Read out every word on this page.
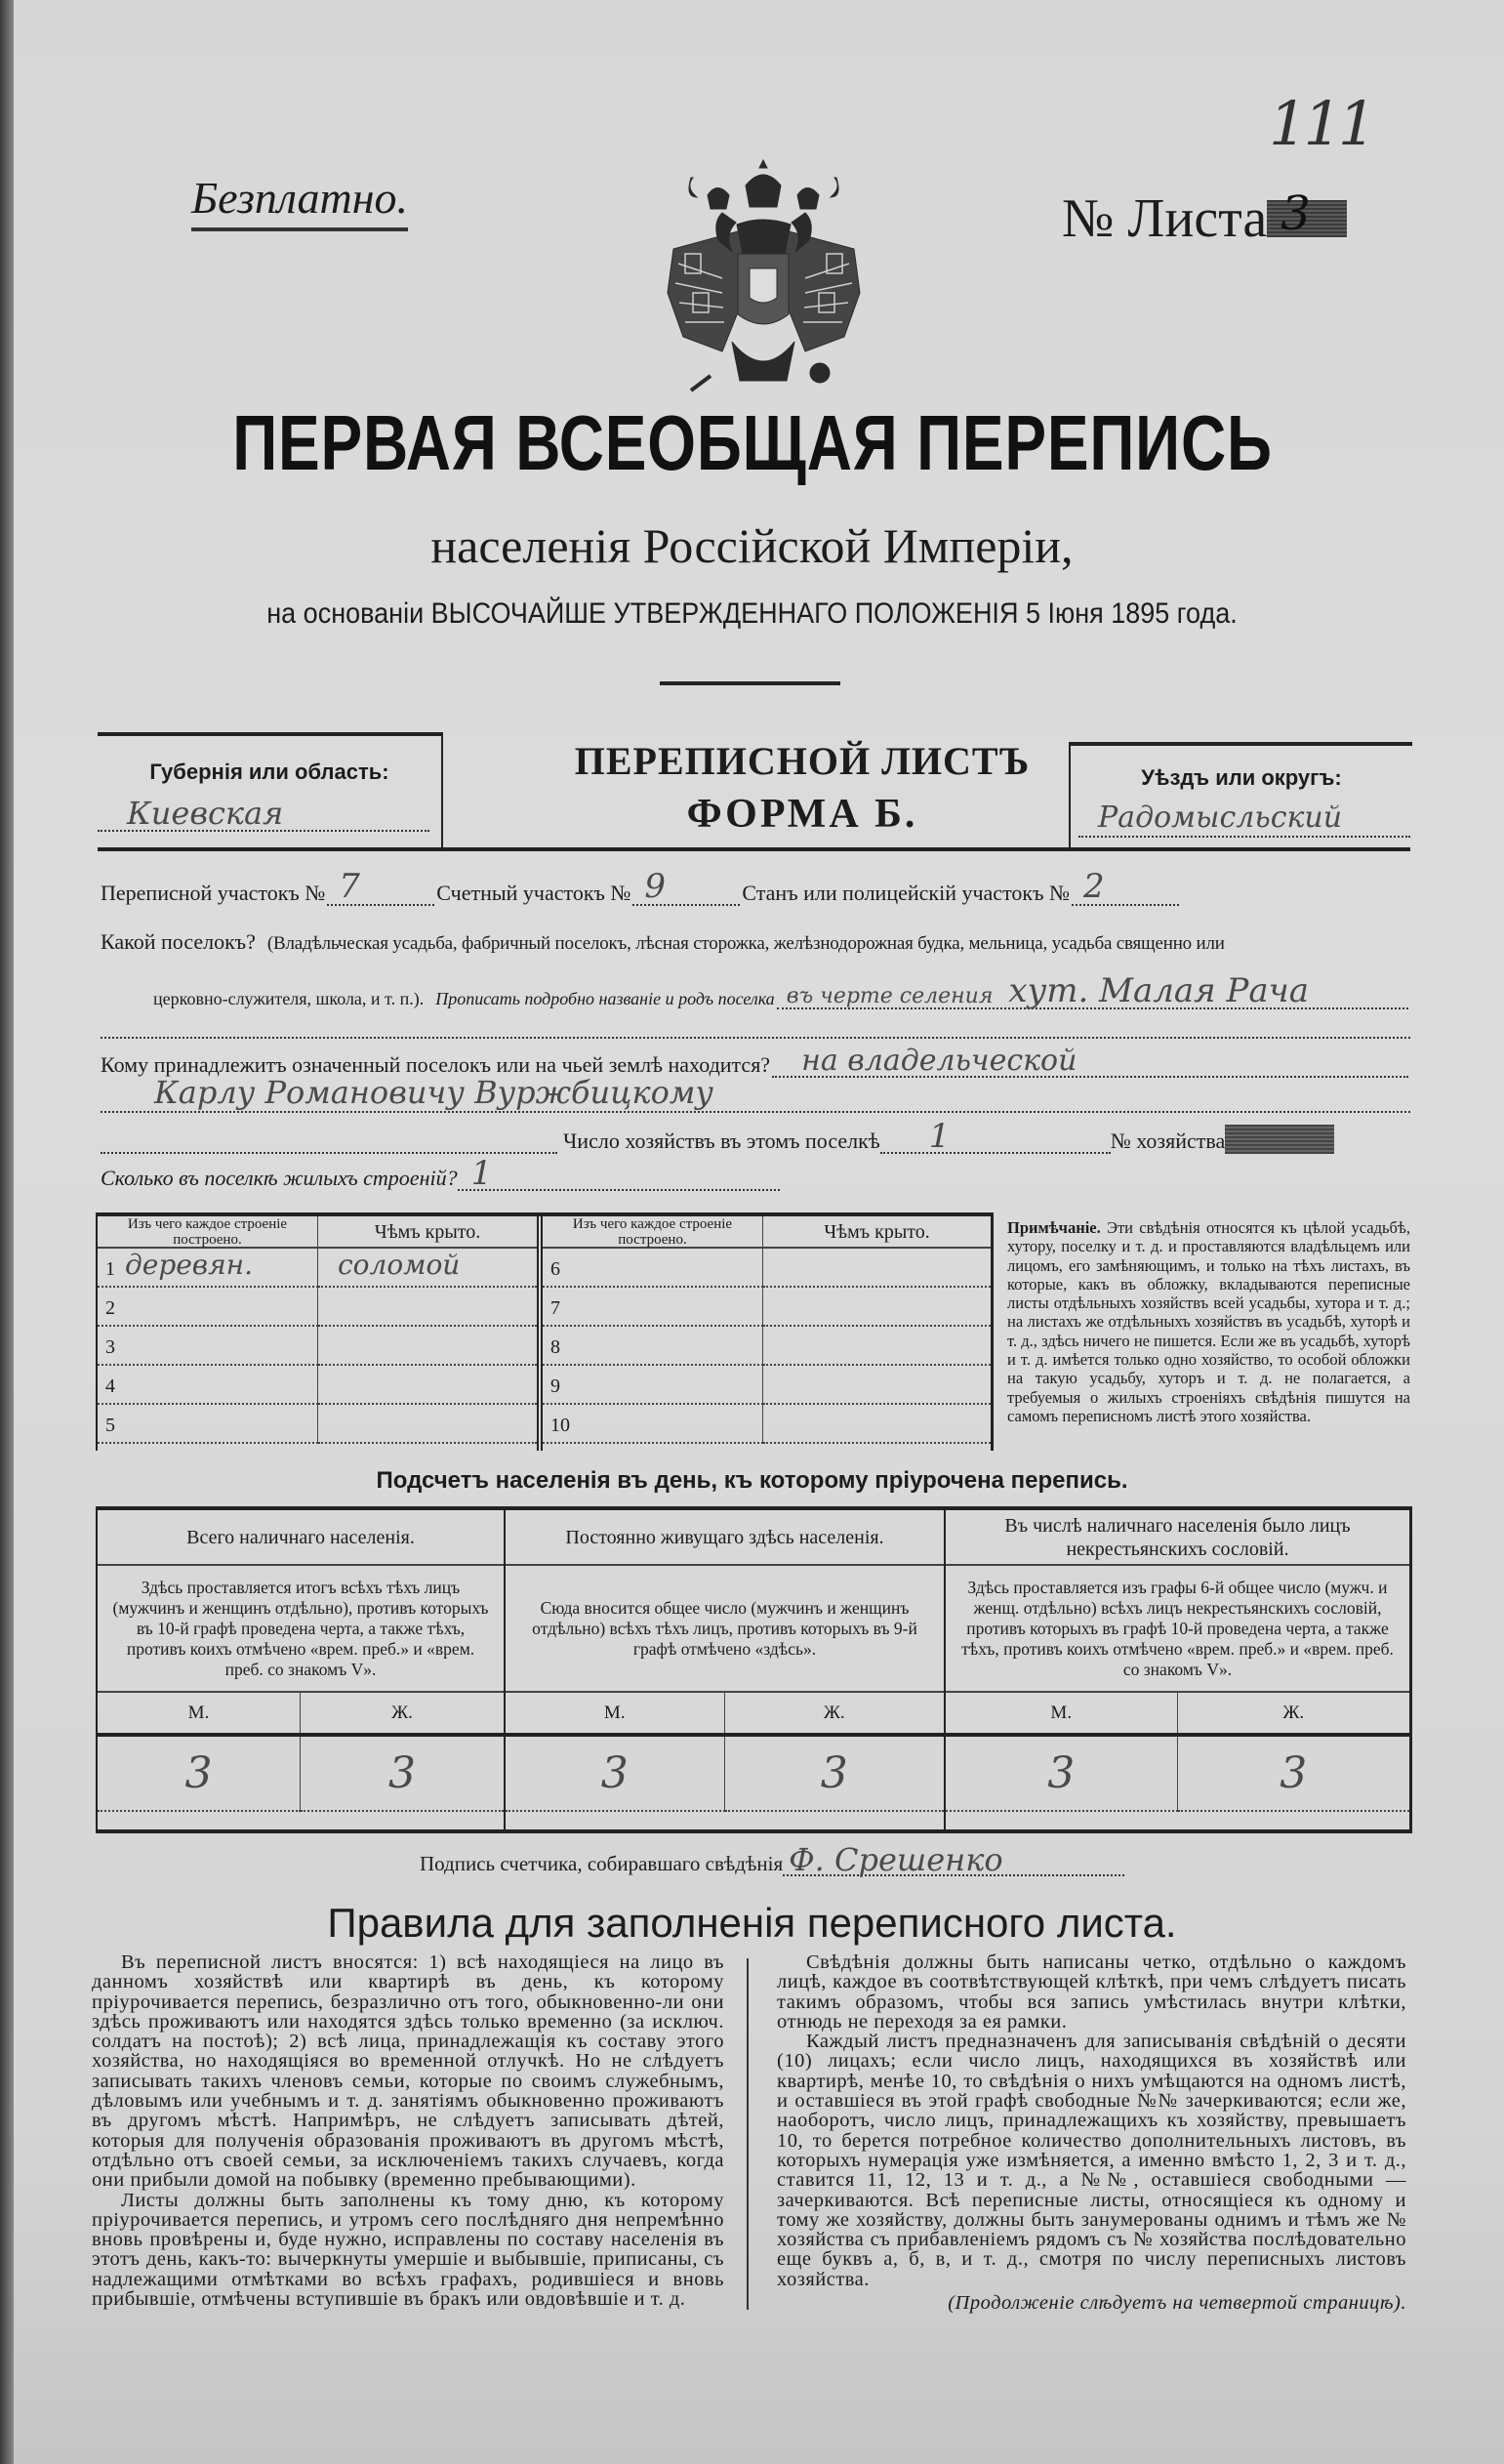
Безплатно.	№ Листа 3
111
ПЕРВАЯ ВСЕОБЩАЯ ПЕРЕПИСЬ
населенія Россійской Имперіи,
на основаніи ВЫСОЧАЙШЕ УТВЕРЖДЕННАГО ПОЛОЖЕНІЯ 5 Іюня 1895 года.
Губернія или область:
Киевская
ПЕРЕПИСНОЙ ЛИСТЪ
ФОРМА Б.
Уѣздъ или округъ:
Радомысльский
Переписной участокъ № 7	Счетный участокъ № 9	Станъ или полицейскій участокъ № 2
Какой поселокъ? (Владѣльческая усадьба, фабричный поселокъ, лѣсная сторожка, желѣзнодорожная будка, мельница, усадьба священно или
церковно-служителя, школа, и т. п.). Прописать подробно названіе и родъ поселка въ черте селения хут. Малая Рача
Кому принадлежитъ означенный поселокъ или на чьей землѣ находится? на владельческой
Карлу Романовичу Вуржбицкому
Число хозяйствъ въ этомъ поселкѣ 1	№ хозяйства
Сколько въ поселкѣ жилыхъ строеній? 1
Изъ чего каждое строеніе построено.	Чѣмъ крыто.
1 деревян.	соломой
2
3
4
5
Изъ чего каждое строеніе построено.	Чѣмъ крыто.
6
7
8
9
10
Примѣчаніе. Эти свѣдѣнія относятся къ цѣлой усадьбѣ, хутору, поселку и т. д. и проставляются владѣльцемъ или лицомъ, его замѣняющимъ, и только на тѣхъ листахъ, въ которые, какъ въ обложку, вкладываются переписные листы отдѣльныхъ хозяйствъ всей усадьбы, хутора и т. д.; на листахъ же отдѣльныхъ хозяйствъ въ усадьбѣ, хуторѣ и т. д., здѣсь ничего не пишется. Если же въ усадьбѣ, хуторѣ и т. д. имѣется только одно хозяйство, то особой обложки на такую усадьбу, хуторъ и т. д. не полагается, а требуемыя о жилыхъ строеніяхъ свѣдѣнія пишутся на самомъ переписномъ листѣ этого хозяйства.
Подсчетъ населенія въ день, къ которому пріурочена перепись.
Всего наличнаго населенія.
Здѣсь проставляется итогъ всѣхъ тѣхъ лицъ (мужчинъ и женщинъ отдѣльно), противъ которыхъ въ 10-й графѣ проведена черта, а также тѣхъ, противъ коихъ отмѣчено «врем. преб.» и «врем. преб. со знакомъ V».
М.	Ж.
3	3
Постоянно живущаго здѣсь населенія.
Сюда вносится общее число (мужчинъ и женщинъ отдѣльно) всѣхъ тѣхъ лицъ, противъ которыхъ въ 9-й графѣ отмѣчено «здѣсь».
М.	Ж.
3	3
Въ числѣ наличнаго населенія было лицъ некрестьянскихъ сословій.
Здѣсь проставляется изъ графы 6-й общее число (мужч. и женщ. отдѣльно) всѣхъ лицъ некрестьянскихъ сословій, противъ которыхъ въ графѣ 10-й проведена черта, а также тѣхъ, противъ коихъ отмѣчено «врем. преб.» и «врем. преб. со знакомъ V».
М.	Ж.
3	3
Подпись счетчика, собиравшаго свѣдѣнія Ф. Срешенко
Правила для заполненія переписного листа.

Въ переписной листъ вносятся: 1) всѣ находящіеся на лицо въ данномъ хозяйствѣ или квартирѣ въ день, къ которому пріурочивается перепись, безразлично отъ того, обыкновенно-ли они здѣсь проживаютъ или находятся здѣсь только временно (за исключ. солдатъ на постоѣ); 2) всѣ лица, принадлежащія къ составу этого хозяйства, но находящіяся во временной отлучкѣ. Но не слѣдуетъ записывать такихъ членовъ семьи, которые по своимъ служебнымъ, дѣловымъ или учебнымъ и т. д. занятіямъ обыкновенно проживаютъ въ другомъ мѣстѣ. Напримѣръ, не слѣдуетъ записывать дѣтей, которыя для полученія образованія проживаютъ въ другомъ мѣстѣ, отдѣльно отъ своей семьи, за исключеніемъ такихъ случаевъ, когда они прибыли домой на побывку (временно пребывающими).

Листы должны быть заполнены къ тому дню, къ которому пріурочивается перепись, и утромъ сего послѣдняго дня непремѣнно вновь провѣрены и, буде нужно, исправлены по составу населенія въ этотъ день, какъ-то: вычеркнуты умершіе и выбывшіе, приписаны, съ надлежащими отмѣтками во всѣхъ графахъ, родившіеся и вновь прибывшіе, отмѣчены вступившіе въ бракъ или овдовѣвшіе и т. д.

Свѣдѣнія должны быть написаны четко, отдѣльно о каждомъ лицѣ, каждое въ соотвѣтствующей клѣткѣ, при чемъ слѣдуетъ писать такимъ образомъ, чтобы вся запись умѣстилась внутри клѣтки, отнюдь не переходя за ея рамки.

Каждый листъ предназначенъ для записыванія свѣдѣній о десяти (10) лицахъ; если число лицъ, находящихся въ хозяйствѣ или квартирѣ, менѣе 10, то свѣдѣнія о нихъ умѣщаются на одномъ листѣ, и оставшіеся въ этой графѣ свободные №№ зачеркиваются; если же, наоборотъ, число лицъ, принадлежащихъ къ хозяйству, превышаетъ 10, то берется потребное количество дополнительныхъ листовъ, въ которыхъ нумерація уже измѣняется, а именно вмѣсто 1, 2, 3 и т. д., ставится 11, 12, 13 и т. д., а №№, оставшіеся свободными — зачеркиваются. Всѣ переписные листы, относящіеся къ одному и тому же хозяйству, должны быть занумерованы однимъ и тѣмъ же № хозяйства съ прибавленіемъ рядомъ съ № хозяйства послѣдовательно еще буквъ а, б, в, и т. д., смотря по числу переписныхъ листовъ хозяйства.

(Продолженіе слѣдуетъ на четвертой страницѣ).
